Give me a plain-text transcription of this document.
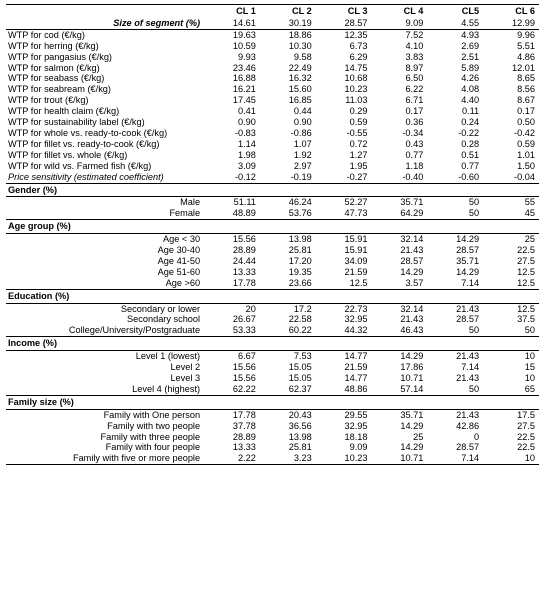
	CL 1	CL 2	CL 3	CL 4	CL5	CL 6
Size of segment (%)	14.61	30.19	28.57	9.09	4.55	12.99
WTP for cod (€/kg)	19.63	18.86	12.35	7.52	4.93	9.96
WTP for herring (€/kg)	10.59	10.30	6.73	4.10	2.69	5.51
WTP for pangasius (€/kg)	9.93	9.58	6.29	3.83	2.51	4.86
WTP for salmon (€/kg)	23.46	22.49	14.75	8.97	5.89	12.01
WTP for seabass (€/kg)	16.88	16.32	10.68	6.50	4.26	8.65
WTP for seabream (€/kg)	16.21	15.60	10.23	6.22	4.08	8.56
WTP for trout (€/kg)	17.45	16.85	11.03	6.71	4.40	8.67
WTP for health claim (€/kg)	0.41	0.44	0.29	0.17	0.11	0.17
WTP for sustainability label (€/kg)	0.90	0.90	0.59	0.36	0.24	0.50
WTP for whole vs. ready-to-cook (€/kg)	-0.83	-0.86	-0.55	-0.34	-0.22	-0.42
WTP for fillet vs. ready-to-cook (€/kg)	1.14	1.07	0.72	0.43	0.28	0.59
WTP for fillet vs. whole (€/kg)	1.98	1.92	1.27	0.77	0.51	1.01
WTP for wild vs. Farmed fish (€/kg)	3.09	2.97	1.95	1.18	0.77	1.50
Price sensitivity (estimated coefficient)	-0.12	-0.19	-0.27	-0.40	-0.60	-0.04
Gender (%)						
Male	51.11	46.24	52.27	35.71	50	55
Female	48.89	53.76	47.73	64.29	50	45
Age group (%)						
Age < 30	15.56	13.98	15.91	32.14	14.29	25
Age 30-40	28.89	25.81	15.91	21.43	28.57	22.5
Age 41-50	24.44	17.20	34.09	28.57	35.71	27.5
Age 51-60	13.33	19.35	21.59	14.29	14.29	12.5
Age >60	17.78	23.66	12.5	3.57	7.14	12.5
Education (%)						
Secondary or lower	20	17.2	22.73	32.14	21.43	12.5
Secondary school	26.67	22.58	32.95	21.43	28.57	37.5
College/University/Postgraduate	53.33	60.22	44.32	46.43	50	50
Income (%)						
Level 1 (lowest)	6.67	7.53	14.77	14.29	21.43	10
Level 2	15.56	15.05	21.59	17.86	7.14	15
Level 3	15.56	15.05	14.77	10.71	21.43	10
Level 4 (highest)	62.22	62.37	48.86	57.14	50	65
Family size (%)						
Family with One person	17.78	20.43	29.55	35.71	21.43	17.5
Family with two people	37.78	36.56	32.95	14.29	42.86	27.5
Family with three people	28.89	13.98	18.18	25	0	22.5
Family with four people	13.33	25.81	9.09	14.29	28.57	22.5
Family with five or more people	2.22	3.23	10.23	10.71	7.14	10
